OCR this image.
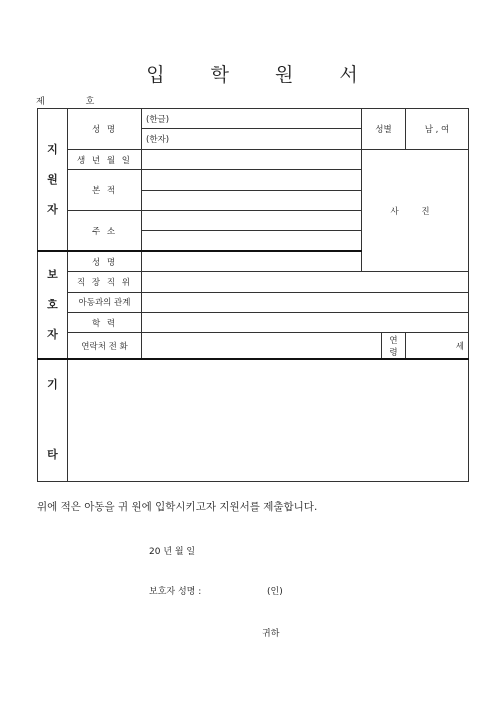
입 학 원 서
제	호
지
원
자	성 명	(한글)	성별		남 , 여
		(한자)			
	생 년 월 일		사 진		
	본 적				

	주 소				

보
호
자	성 명				
	직 장 직 위				
	아동과의 관계				
	학 력				
	연락처 전 화			연 령	세

기
타					

위에 적은 아동을 귀 원에 입학시키고자 지원서를 제출합니다.
20 년 월 일
보호자 성명 :	(인)
귀하
